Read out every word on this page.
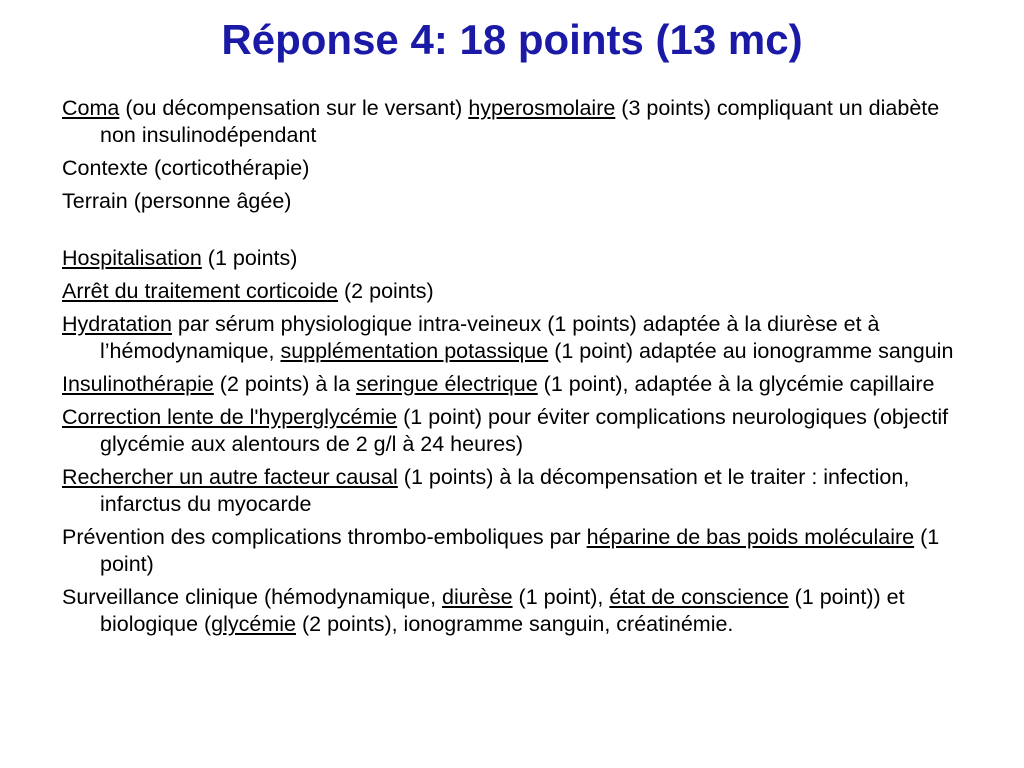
Réponse 4: 18 points (13 mc)

Coma (ou décompensation sur le versant) hyperosmolaire (3 points) compliquant un diabète non insulinodépendant

Contexte (corticothérapie)

Terrain (personne âgée)

Hospitalisation (1 points)

Arrêt du traitement corticoide (2 points)

Hydratation par sérum physiologique intra-veineux (1 points) adaptée à la diurèse et à l’hémodynamique, supplémentation potassique (1 point) adaptée au ionogramme sanguin

Insulinothérapie (2 points) à la seringue électrique (1 point), adaptée à la glycémie capillaire

Correction lente de l'hyperglycémie (1 point) pour éviter complications neurologiques (objectif glycémie aux alentours de 2 g/l à 24 heures)

Rechercher un autre facteur causal (1 points) à la décompensation et le traiter : infection, infarctus du myocarde

Prévention des complications thrombo-emboliques par héparine de bas poids moléculaire (1 point)

Surveillance clinique (hémodynamique, diurèse (1 point), état de conscience (1 point)) et biologique (glycémie (2 points), ionogramme sanguin, créatinémie.
